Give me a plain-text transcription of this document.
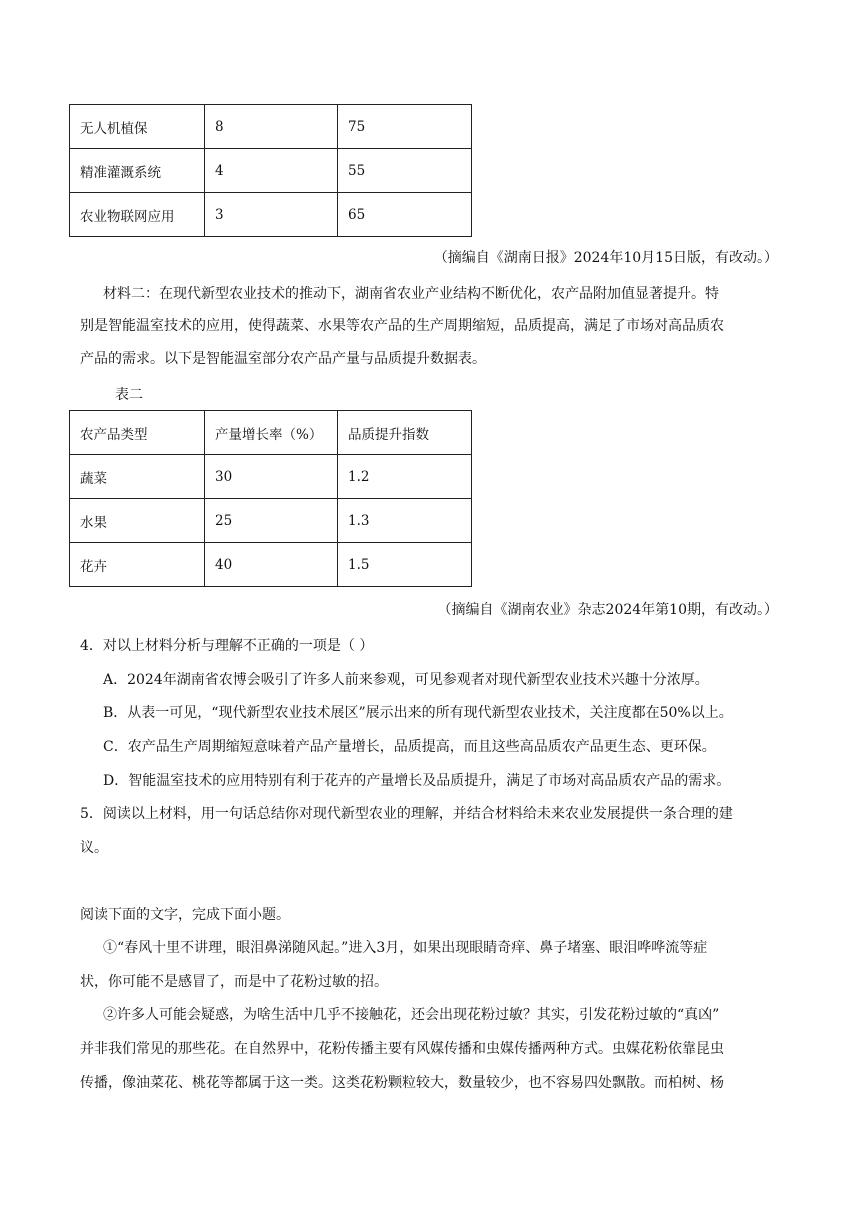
无人机植保	8	75
精准灌溉系统	4	55
农业物联网应用	3	65
（摘编自《湖南日报》2024年10月15日版，有改动。）
材料二：在现代新型农业技术的推动下，湖南省农业产业结构不断优化，农产品附加值显著提升。特
别是智能温室技术的应用，使得蔬菜、水果等农产品的生产周期缩短，品质提高，满足了市场对高品质农
产品的需求。以下是智能温室部分农产品产量与品质提升数据表。
表二
农产品类型	产量增长率（%）	品质提升指数
蔬菜	30	1.2
水果	25	1.3
花卉	40	1.5
（摘编自《湖南农业》杂志2024年第10期，有改动。）
4．对以上材料分析与理解不正确的一项是（ ）
A．2024年湖南省农博会吸引了许多人前来参观，可见参观者对现代新型农业技术兴趣十分浓厚。
B．从表一可见，“现代新型农业技术展区”展示出来的所有现代新型农业技术，关注度都在50%以上。
C．农产品生产周期缩短意味着产品产量增长，品质提高，而且这些高品质农产品更生态、更环保。
D．智能温室技术的应用特别有利于花卉的产量增长及品质提升，满足了市场对高品质农产品的需求。
5．阅读以上材料，用一句话总结你对现代新型农业的理解，并结合材料给未来农业发展提供一条合理的建
议。
阅读下面的文字，完成下面小题。
①“春风十里不讲理，眼泪鼻涕随风起。”进入3月，如果出现眼睛奇痒、鼻子堵塞、眼泪哗哗流等症
状，你可能不是感冒了，而是中了花粉过敏的招。
②许多人可能会疑惑，为啥生活中几乎不接触花，还会出现花粉过敏？其实，引发花粉过敏的“真凶”
并非我们常见的那些花。在自然界中，花粉传播主要有风媒传播和虫媒传播两种方式。虫媒花粉依靠昆虫
传播，像油菜花、桃花等都属于这一类。这类花粉颗粒较大，数量较少，也不容易四处飘散。而柏树、杨
